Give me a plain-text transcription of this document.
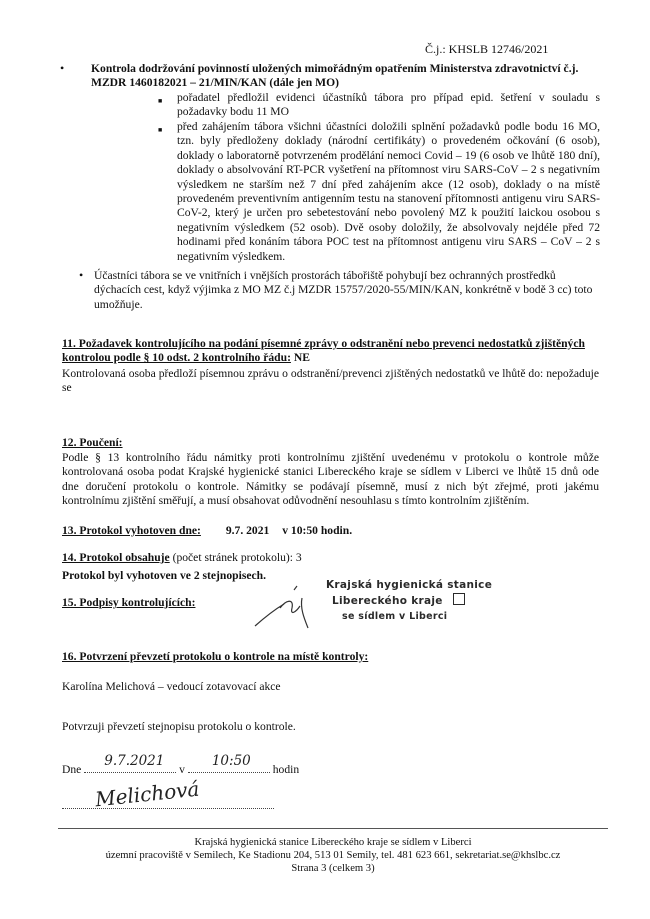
Č.j.: KHSLB 12746/2021
• Kontrola dodržování povinností uložených mimořádným opatřením Ministerstva zdravotnictví č.j. MZDR 1460182021 – 21/MIN/KAN (dále jen MO)
■ pořadatel předložil evidenci účastníků tábora pro případ epid. šetření v souladu s požadavky bodu 11 MO
■ před zahájením tábora všichni účastníci doložili splnění požadavků podle bodu 16 MO, tzn. byly předloženy doklady (národní certifikáty) o provedeném očkování (6 osob), doklady o laboratorně potvrzeném prodělání nemoci Covid – 19 (6 osob ve lhůtě 180 dní), doklady o absolvování RT-PCR vyšetření na přítomnost viru SARS-CoV – 2 s negativním výsledkem ne starším než 7 dní před zahájením akce (12 osob), doklady o na místě provedeném preventivním antigenním testu na stanovení přítomnosti antigenu viru SARS-CoV-2, který je určen pro sebetestování nebo povolený MZ k použití laickou osobou s negativním výsledkem (52 osob). Dvě osoby doložily, že absolvovaly nejdéle před 72 hodinami před konáním tábora POC test na přítomnost antigenu viru SARS – CoV – 2 s negativním výsledkem.
• Účastníci tábora se ve vnitřních i vnějších prostorách tábořiště pohybují bez ochranných prostředků dýchacích cest, když výjimka z MO MZ č.j MZDR 15757/2020-55/MIN/KAN, konkrétně v bodě 3 cc) toto umožňuje.
11. Požadavek kontrolujícího na podání písemné zprávy o odstranění nebo prevenci nedostatků zjištěných kontrolou podle § 10 odst. 2 kontrolního řádu: NE
Kontrolovaná osoba předloží písemnou zprávu o odstranění/prevenci zjištěných nedostatků ve lhůtě do: nepožaduje se
12. Poučení:
Podle § 13 kontrolního řádu námitky proti kontrolnímu zjištění uvedenému v protokolu o kontrole může kontrolovaná osoba podat Krajské hygienické stanici Libereckého kraje se sídlem v Liberci ve lhůtě 15 dnů ode dne doručení protokolu o kontrole. Námitky se podávají písemně, musí z nich být zřejmé, proti jakému kontrolnímu zjištění směřují, a musí obsahovat odůvodnění nesouhlasu s tímto kontrolním zjištěním.
13. Protokol vyhotoven dne: 9.7. 2021 v 10:50 hodin.
14. Protokol obsahuje (počet stránek protokolu): 3
Protokol byl vyhotoven ve 2 stejnopisech.
15. Podpisy kontrolujících:
Krajská hygienická stanice
Libereckého kraje
se sídlem v Liberci
16. Potvrzení převzetí protokolu o kontrole na místě kontroly:
Karolína Melichová – vedoucí zotavovací akce
Potvrzuji převzetí stejnopisu protokolu o kontrole.
Dne
9.7.2021
v
10:50
hodin
Melichová
Krajská hygienická stanice Libereckého kraje se sídlem v Liberci
územní pracoviště v Semilech, Ke Stadionu 204, 513 01 Semily, tel. 481 623 661, sekretariat.se@khslbc.cz
Strana 3 (celkem 3)
